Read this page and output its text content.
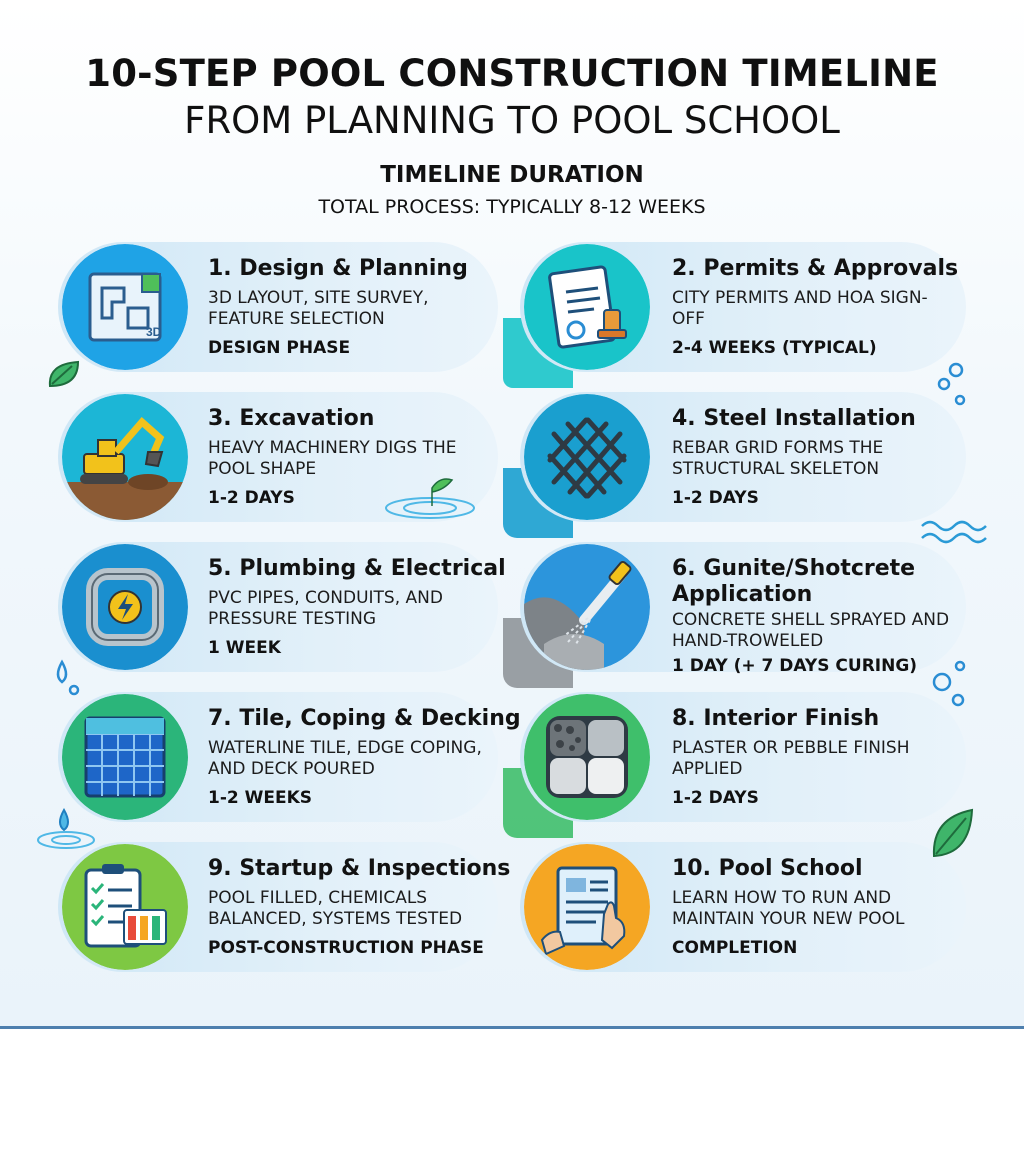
10-STEP POOL CONSTRUCTION TIMELINE
FROM PLANNING TO POOL SCHOOL
TIMELINE DURATION
TOTAL PROCESS: TYPICALLY 8-12 WEEKS
3D
1. Design & Planning
3D LAYOUT, SITE SURVEY, FEATURE SELECTION
DESIGN PHASE
2. Permits & Approvals
CITY PERMITS AND HOA SIGN-OFF
2-4 WEEKS (TYPICAL)
3. Excavation
HEAVY MACHINERY DIGS THE POOL SHAPE
1-2 DAYS
4. Steel Installation
REBAR GRID FORMS THE STRUCTURAL SKELETON
1-2 DAYS
5. Plumbing & Electrical
PVC PIPES, CONDUITS, AND PRESSURE TESTING
1 WEEK
6. Gunite/Shotcrete Application
CONCRETE SHELL SPRAYED AND HAND-TROWELED
1 DAY (+ 7 DAYS CURING)
7. Tile, Coping & Decking
WATERLINE TILE, EDGE COPING, AND DECK POURED
1-2 WEEKS
8. Interior Finish
PLASTER OR PEBBLE FINISH APPLIED
1-2 DAYS
9. Startup & Inspections
POOL FILLED, CHEMICALS BALANCED, SYSTEMS TESTED
POST-CONSTRUCTION PHASE
10. Pool School
LEARN HOW TO RUN AND MAINTAIN YOUR NEW POOL
COMPLETION
